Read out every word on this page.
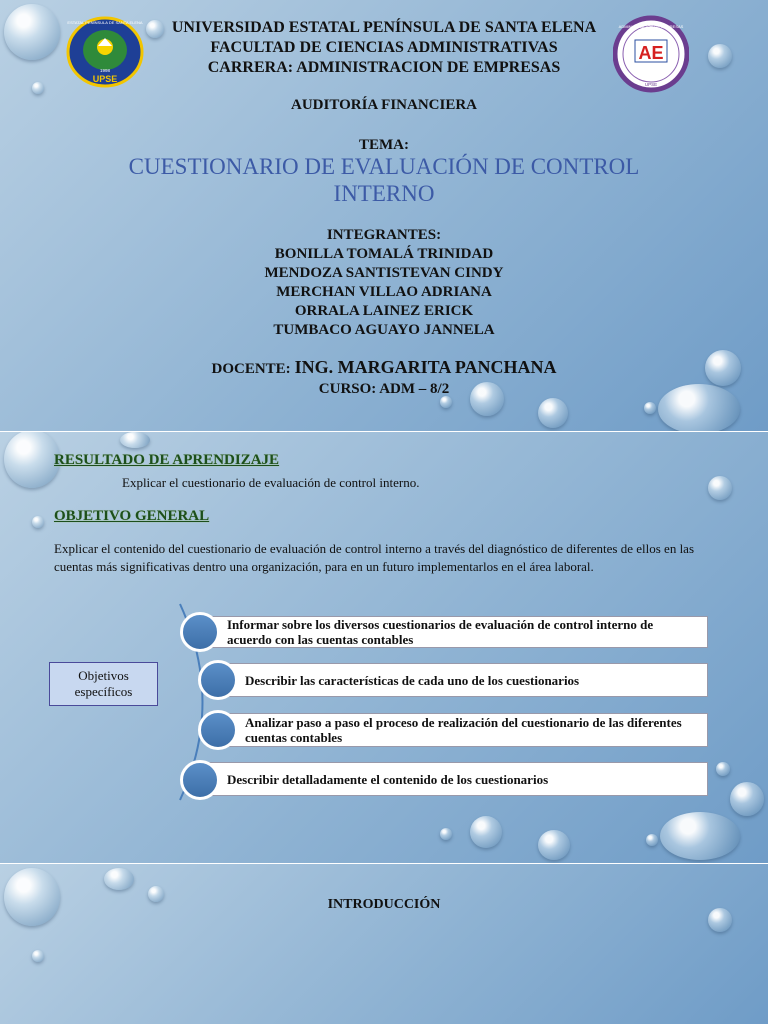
UPSE
1998
ESTATAL PENÍNSULA DE SANTA ELENA
AE
ADMINISTRACIÓN DE EMPRESAS
UPSE
UNIVERSIDAD ESTATAL PENÍNSULA DE SANTA ELENA
FACULTAD DE CIENCIAS ADMINISTRATIVAS
CARRERA: ADMINISTRACION DE EMPRESAS
AUDITORÍA FINANCIERA
TEMA:
CUESTIONARIO DE EVALUACIÓN DE CONTROL
INTERNO
INTEGRANTES:
BONILLA TOMALÁ TRINIDAD
MENDOZA SANTISTEVAN CINDY
MERCHAN VILLAO ADRIANA
ORRALA LAINEZ ERICK
TUMBACO AGUAYO JANNELA
DOCENTE: ING. MARGARITA PANCHANA
CURSO: ADM – 8/2
RESULTADO DE APRENDIZAJE
Explicar el cuestionario de evaluación de control interno.
OBJETIVO GENERAL
Explicar el contenido del cuestionario de evaluación de control interno a través del diagnóstico de diferentes de ellos en las cuentas más significativas dentro una organización, para en un futuro implementarlos en el área laboral.
Objetivos específicos
Informar sobre los diversos cuestionarios de evaluación de control interno de acuerdo con las cuentas contables
Describir las características de cada uno de los cuestionarios
Analizar paso a paso el proceso de realización del cuestionario de las diferentes cuentas contables
Describir detalladamente el contenido de los cuestionarios
INTRODUCCIÓN
